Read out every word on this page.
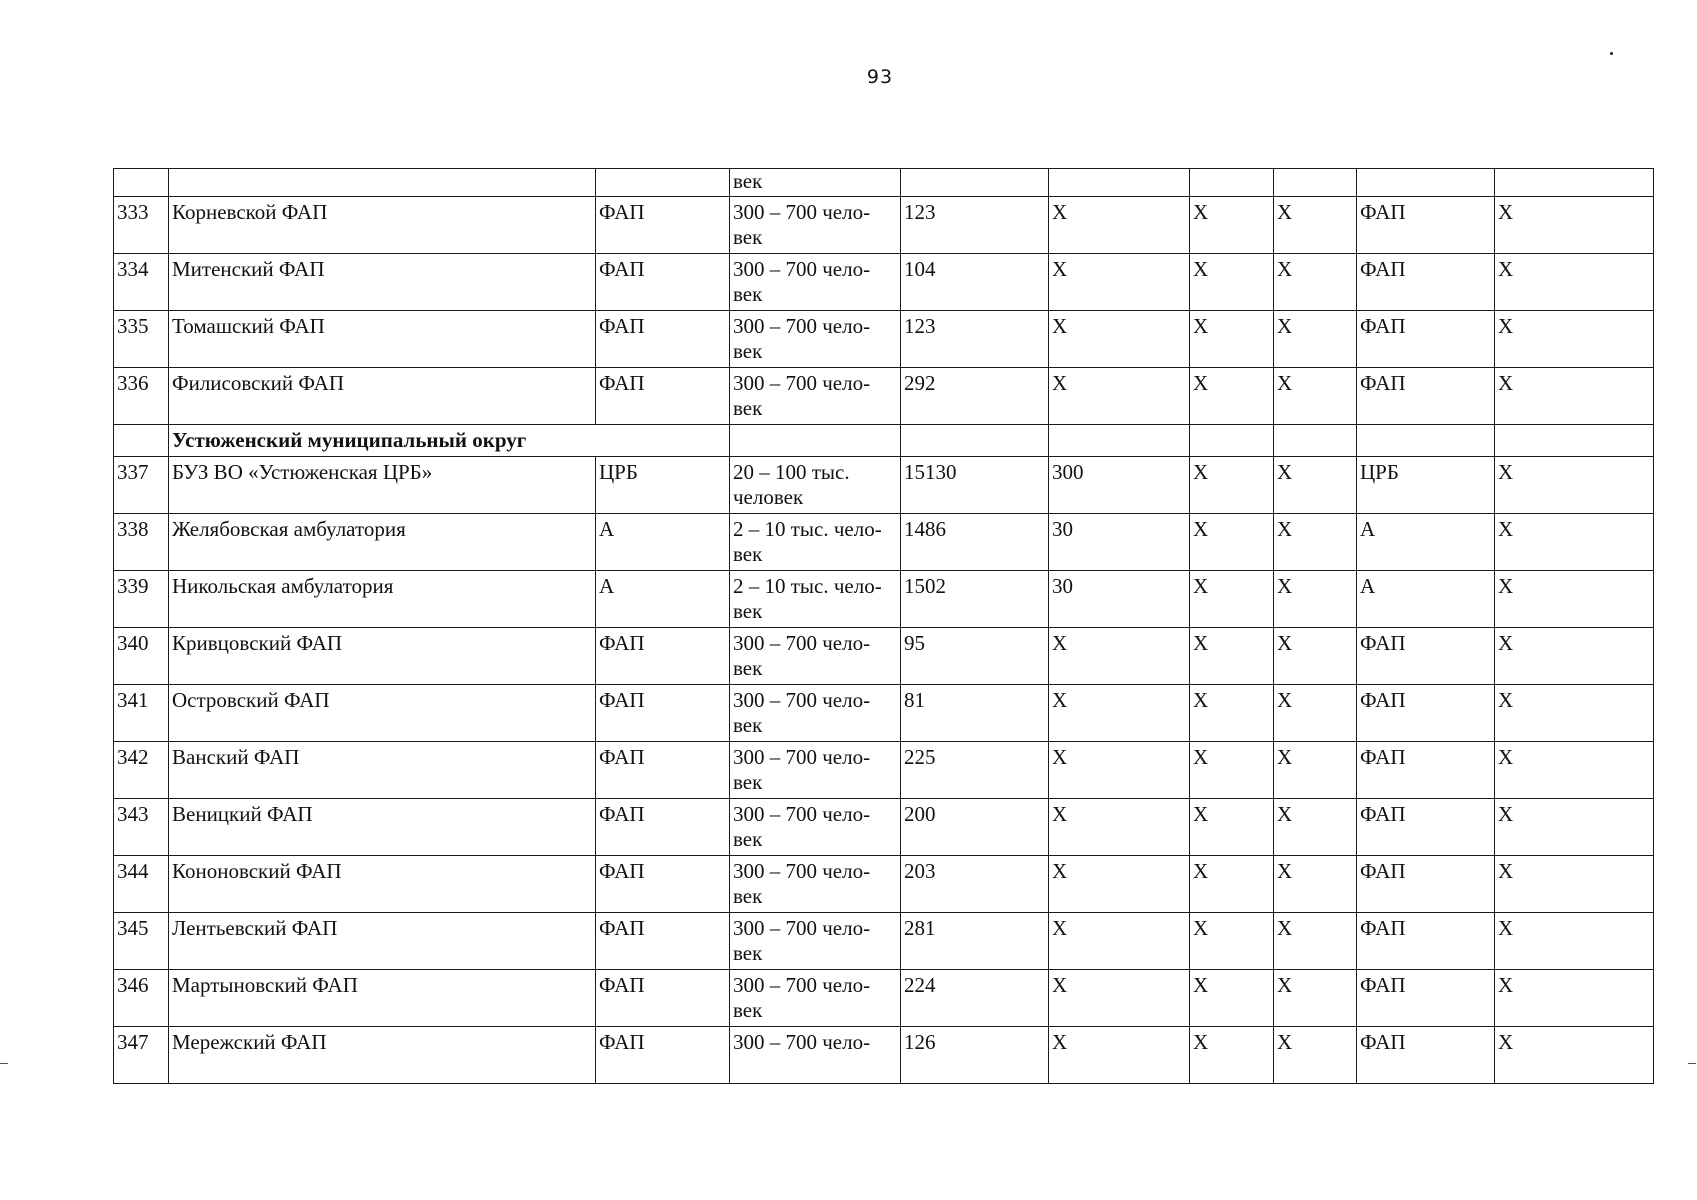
93
			век						
333	Корневской ФАП	ФАП	300 – 700 чело-век	123	Х	Х	Х	ФАП	Х
334	Митенский ФАП	ФАП	300 – 700 чело-век	104	Х	Х	Х	ФАП	Х
335	Томашский ФАП	ФАП	300 – 700 чело-век	123	Х	Х	Х	ФАП	Х
336	Филисовский ФАП	ФАП	300 – 700 чело-век	292	Х	Х	Х	ФАП	Х
	Устюженский муниципальный округ								
337	БУЗ ВО «Устюженская ЦРБ»	ЦРБ	20 – 100 тыс. человек	15130	300	Х	Х	ЦРБ	Х
338	Желябовская амбулатория	А	2 – 10 тыс. чело-век	1486	30	Х	Х	А	Х
339	Никольская амбулатория	А	2 – 10 тыс. чело-век	1502	30	Х	Х	А	Х
340	Кривцовский ФАП	ФАП	300 – 700 чело-век	95	Х	Х	Х	ФАП	Х
341	Островский ФАП	ФАП	300 – 700 чело-век	81	Х	Х	Х	ФАП	Х
342	Ванский ФАП	ФАП	300 – 700 чело-век	225	Х	Х	Х	ФАП	Х
343	Веницкий ФАП	ФАП	300 – 700 чело-век	200	Х	Х	Х	ФАП	Х
344	Кононовский ФАП	ФАП	300 – 700 чело-век	203	Х	Х	Х	ФАП	Х
345	Лентьевский ФАП	ФАП	300 – 700 чело-век	281	Х	Х	Х	ФАП	Х
346	Мартыновский ФАП	ФАП	300 – 700 чело-век	224	Х	Х	Х	ФАП	Х
347	Мережский ФАП	ФАП	300 – 700 чело-	126	Х	Х	Х	ФАП	Х
